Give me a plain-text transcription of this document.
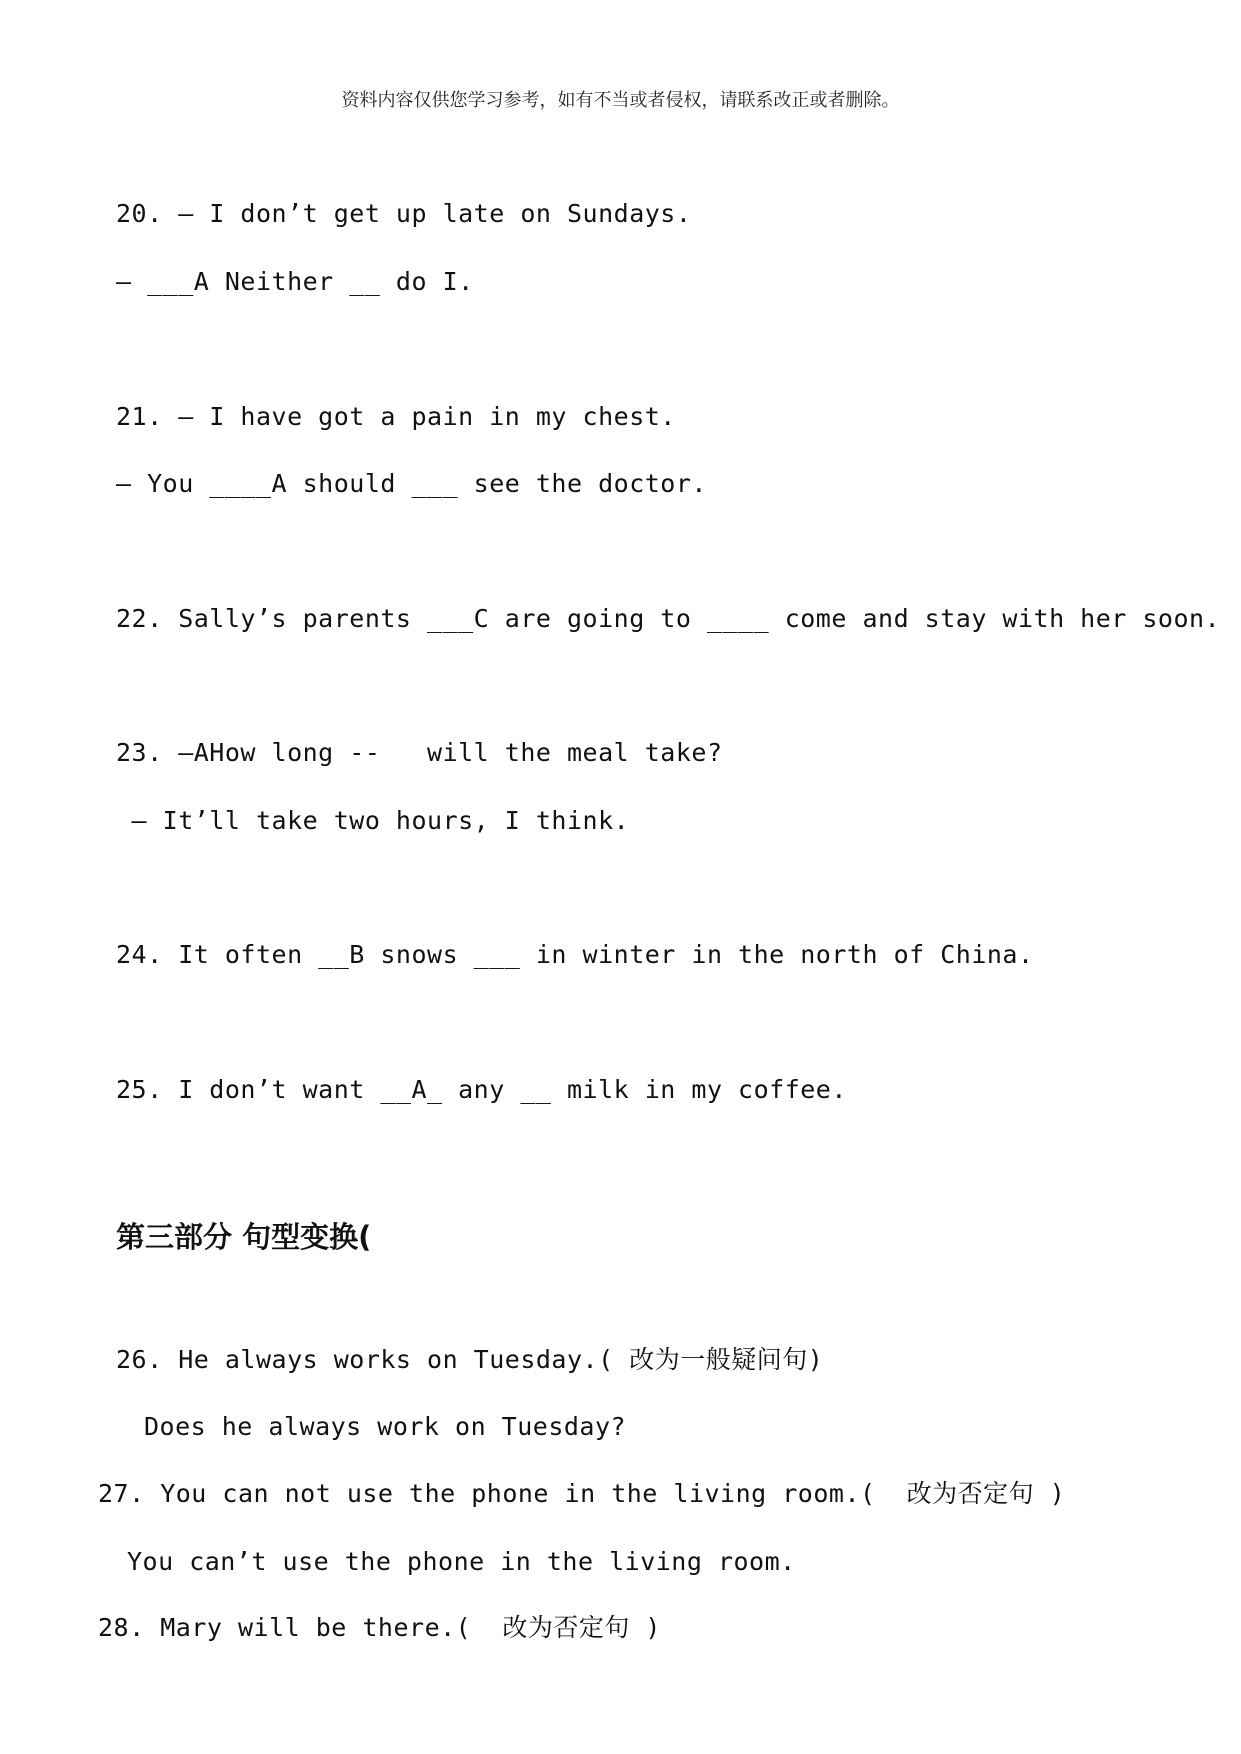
资料内容仅供您学习参考，如有不当或者侵权，请联系改正或者删除。
20. — I don’t get up late on Sundays.
— ___A Neither __ do I.
21. — I have got a pain in my chest.
— You ____A should ___ see the doctor.
22. Sally’s parents ___C are going to ____ come and stay with her soon.
23. —AHow long --   will the meal take?
— It’ll take two hours, I think.
24. It often __B snows ___ in winter in the north of China.
25. I don’t want __A_ any __ milk in my coffee.
第三部分 句型变换(
26. He always works on Tuesday.( 改为一般疑问句)
Does he always work on Tuesday?
27. You can not use the phone in the living room.(  改为否定句 )
You can’t use the phone in the living room.
28. Mary will be there.(  改为否定句 )
